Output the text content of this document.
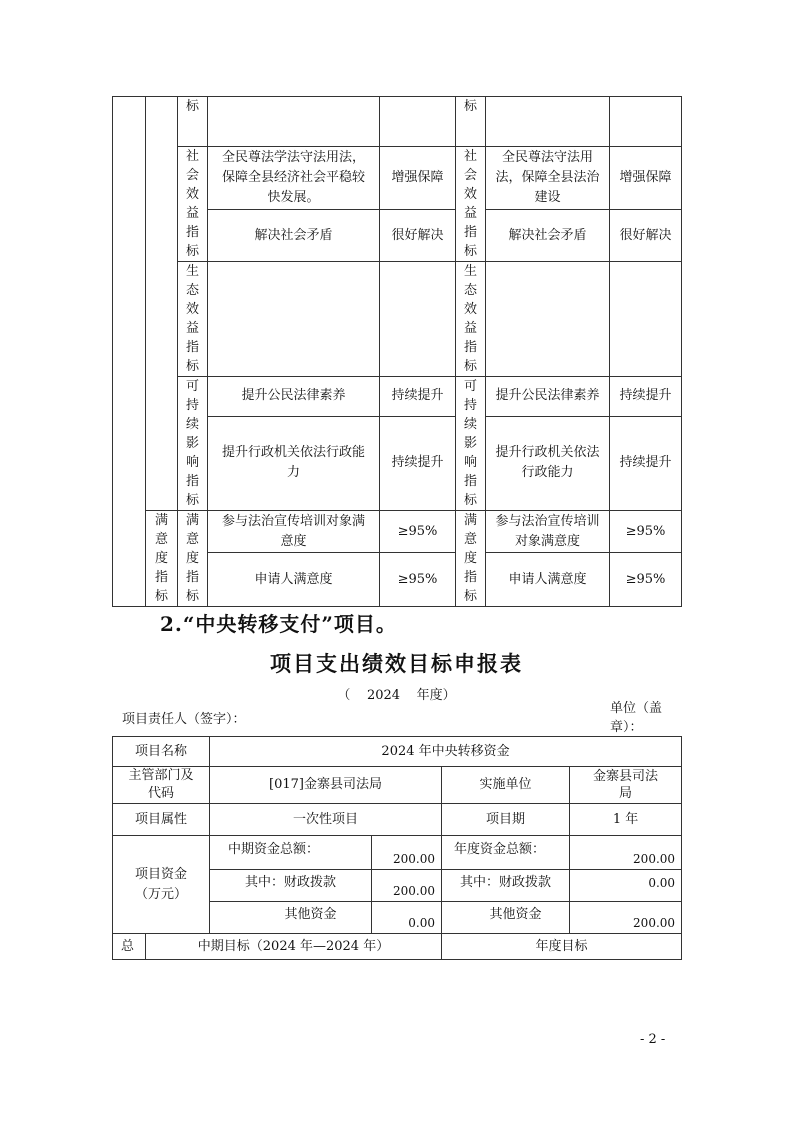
		标			标		

		社会效益指标	全民尊法学法守法用法，保障全县经济社会平稳较快发展。	增强保障	社会效益指标	全民尊法守法用法，保障全县法治建设	增强保障
			解决社会矛盾	很好解决		解决社会矛盾	很好解决
		生态效益指标			生态效益指标		
		可持续影响指标	提升公民法律素养	持续提升	可持续影响指标	提升公民法律素养	持续提升
			提升行政机关依法行政能力	持续提升		提升行政机关依法行政能力	持续提升
	满意度指标	满意度指标	参与法治宣传培训对象满意度	≥95%	满意度指标	参与法治宣传培训对象满意度	≥95%
			申请人满意度	≥95%		申请人满意度	≥95%
2.“中央转移支付”项目。
项目支出绩效目标申报表
（    2024    年度）
项目责任人（签字）：
单位（盖章）：
项目名称		2024 年中央转移资金			
主管部门及代码		[017]金寨县司法局		实施单位	金寨县司法局
项目属性		一次性项目		项目期	1 年
项目资金（万元）		中期资金总额：	200.00	年度资金总额：	200.00
		其中：财政拨款	200.00	其中：财政拨款	0.00
		其他资金	0.00	其他资金	200.00
总	中期目标（2024 年—2024 年）			年度目标	
- 2 -
